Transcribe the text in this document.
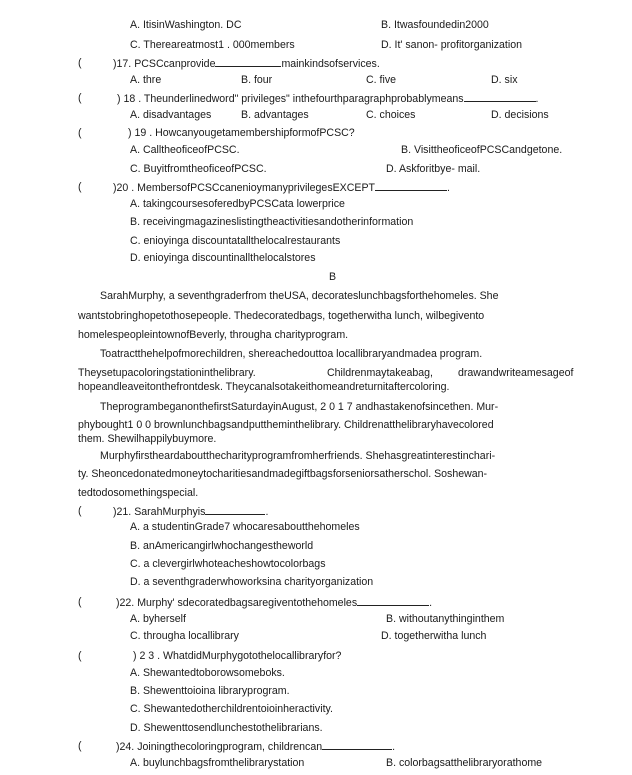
A. ItisinWashington. DC	B. Itwasfoundedin2000
C. Thereareatmost1 . 000members	D. It' sanon- profitorganization
(	)17. PCSCcanprovide	mainkindsofservices.
A. thre	B. four	C. five	D. six
(	) 18 . Theunderlinedword" privileges" inthefourthparagraphprobablymeans	.
A. disadvantages	B. advantages	C. choices	D. decisions
(	) 19 . HowcanyougetamembershipformofPCSC?
A. CalltheoficeofPCSC.	B. VisittheoficeofPCSCandgetone.
C. BuyitfromtheoficeofPCSC.	D. Askforitbye- mail.
(	)20 . MembersofPCSCcanenioymanyprivilegesEXCEPT	.
A. takingcoursesoferedbyPCSCata lowerprice
B. receivingmagazineslistingtheactivitiesandotherinformation
C. enioyinga discountatallthelocalrestaurants
D. enioyinga discountinallthelocalstores
B
SarahMurphy, a seventhgraderfrom theUSA, decorateslunchbagsforthehomeles. She
wantstobringhopetothosepeople. Thedecoratedbags, togetherwitha lunch, wilbegivento
homelespeopleintownofBeverly, througha charityprogram.
Toatractthehelpofmorechildren, shereachedouttoa locallibraryandmadea program.
Theysetupacoloringstationinthelibrary.	Childrenmaytakeabag, drawandwriteamesageof
hopeandleaveitonthefrontdesk. Theycanalsotakeithomeandreturnitaftercoloring.
TheprogrambeganonthefirstSaturdayinAugust, 2 0 1 7 andhastakenofsincethen. Mur-
phybought1 0 0 brownlunchbagsandputtheminthelibrary. Childrenatthelibraryhavecolored
them. Shewilhappilybuymore.
Murphyfirstheardaboutthecharityprogramfromherfriends. Shehasgreatinterestinchari-
ty. Sheoncedonatedmoneytocharitiesandmadegiftbagsforseniorsatherschol. Soshewan-
tedtodosomethingspecial.
(	)21. SarahMurphyis	.
A. a studentinGrade7 whocaresaboutthehomeles
B. anAmericangirlwhochangestheworld
C. a clevergirlwhoteacheshowtocolorbags
D. a seventhgraderwhoworksina charityorganization
(	)22. Murphy' sdecoratedbagsaregiventothehomeles	.
A. byherself	B. withoutanythinginthem
C. througha locallibrary	D. togetherwitha lunch
(	) 2 3 . WhatdidMurphygotothelocallibraryfor?
A. Shewantedtoborowsomeboks.
B. Shewenttoioina libraryprogram.
C. Shewantedotherchildrentoioinheractivity.
D. Shewenttosendlunchestothelibrarians.
(	)24. Joiningthecoloringprogram, childrencan	.
A. buylunchbagsfromthelibrarystation	B. colorbagsatthelibraryorathome
